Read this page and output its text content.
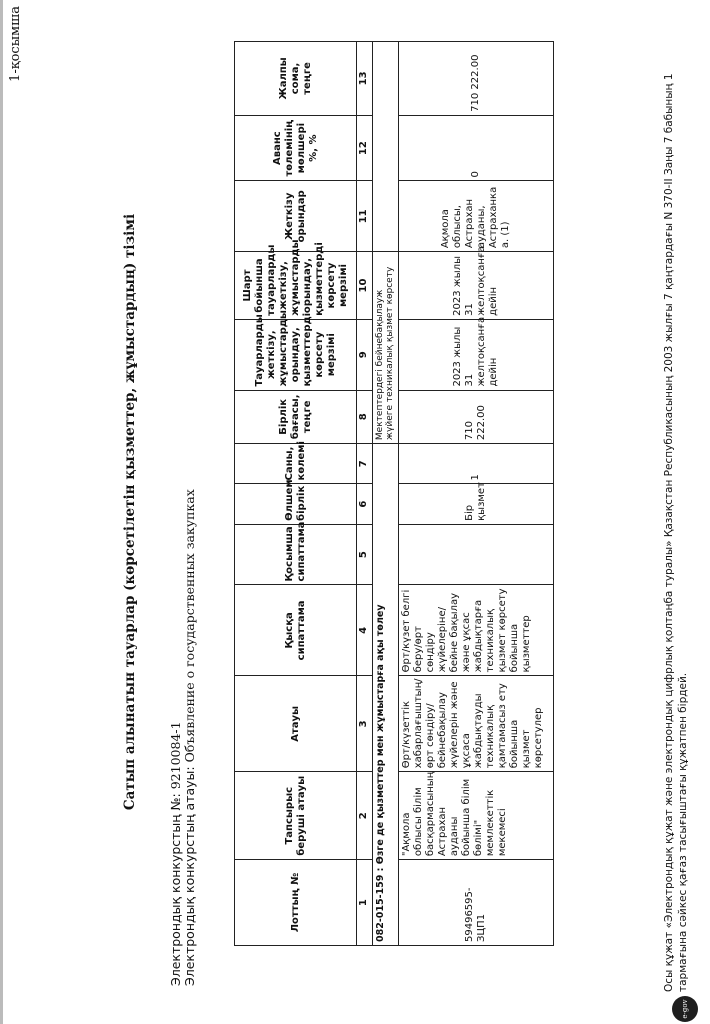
1-қосымша
Сатып алынатын тауарлар (көрсетілетін қызметтер, жұмыстардың) тізімі
Электрондық конкурстың №: 9210084-1
Электрондық конкурстың атауы: Объявление о государственных закупках
Лоттың №	Тапсырыс берушi атауы	Атауы	Қысқа сипаттама	Қосымша сипаттама	Өлшем бірлік	Саны, көлемі	Бірлік бағасы, теңге	Тауарларды жеткізу, жұмыстарды орындау, қызметтерді көрсету мерзімі	Шарт бойынша тауарларды жеткізу, жұмыстарды орындау, қызметтерді көрсету мерзімі	Жеткізу орындар	Аванс төлемінің мөлшері %, %	Жалпы сома, теңге
1	2	3	4	5	6	7	8	9	10	11	12	13
082-015-159 : Өзге де қызметтер мен жұмыстарға ақы төлеу							Мектептердегі бейнебақылауж жүйеге техникалық қызмет көрсету					
59496595-ЗЦП1	"Ақмола облысы білім басқармасының Астрахан ауданы бойынша білім бөлімі" мемлекеттік мекемесі	Өрт/күзеттік хабарлағыштың/өрт сөндіру/бейнебақылау жүйелерін және ұқсаса жабдықтауды техникалық қамтамасыз ету бойынша қызмет көрсетулер	Өрт/күзет белгі беру/өрт сөндіру жүйелеріне/бейне бақылау және ұқсас жабдықтарға техникалық қызмет көрсету бойынша қызметтер		Бір қызмет	1	710 222.00	2023 жылы 31 желтоқсанға дейін	2023 жылы 31 желтоқсанға дейін	Ақмола облысы, Астрахан ауданы, Астраханка а. (1)	0	710 222.00
e-gov
Осы құжат «Электрондық құжат және электрондық цифрлық қолтаңба туралы» Қазақстан Республикасының 2003 жылғы 7 қаңтардағы N 370-II Заңы 7 бабының 1 тармағына сәйкес қағаз тасығыштағы құжатпен бірдей.
